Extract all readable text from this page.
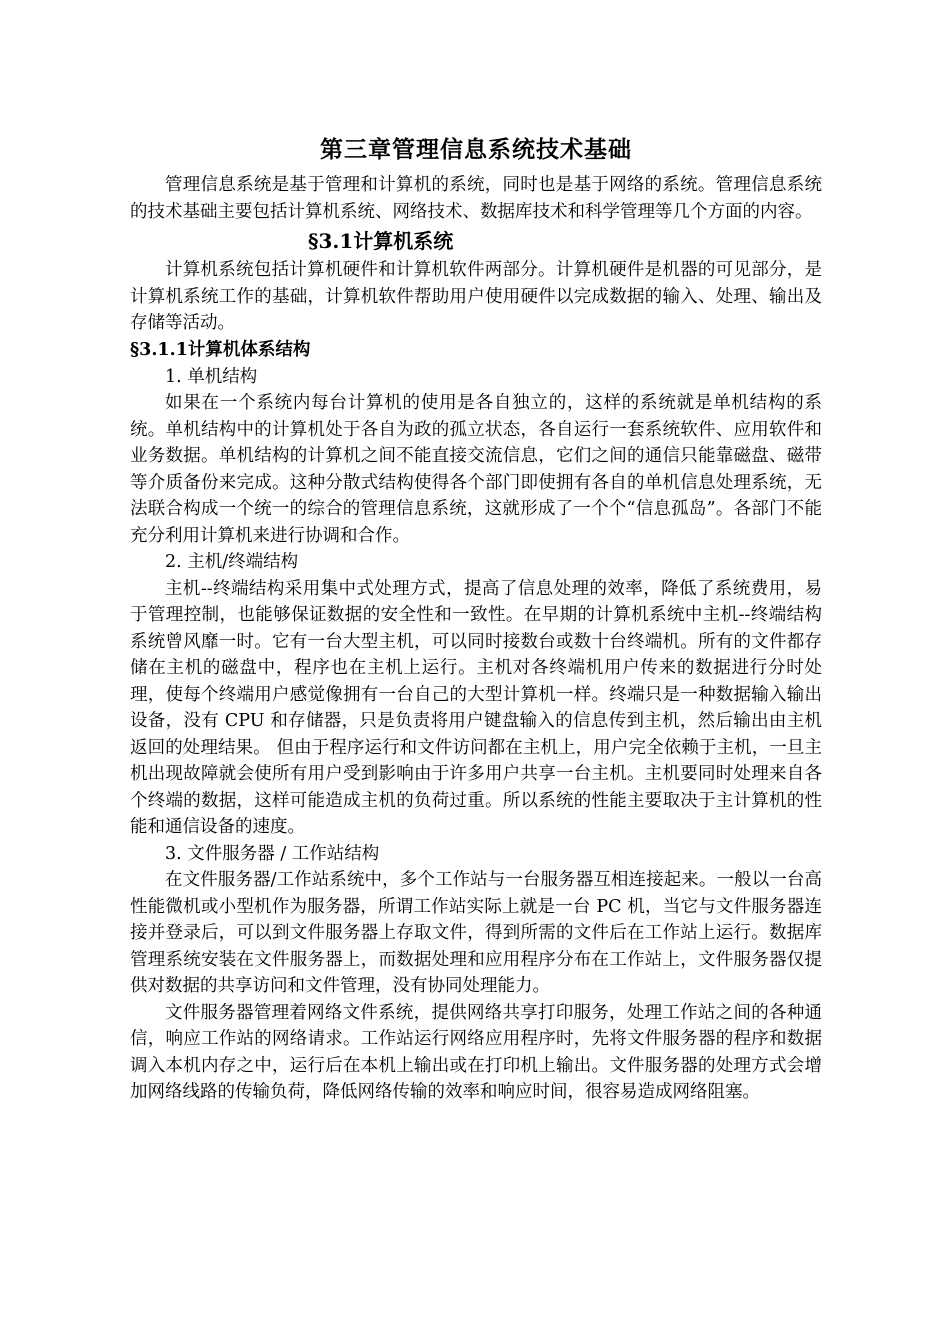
第三章管理信息系统技术基础

管理信息系统是基于管理和计算机的系统，同时也是基于网络的系统。管理信息系统的技术基础主要包括计算机系统、网络技术、数据库技术和科学管理等几个方面的内容。

§3.1计算机系统

计算机系统包括计算机硬件和计算机软件两部分。计算机硬件是机器的可见部分，是计算机系统工作的基础，计算机软件帮助用户使用硬件以完成数据的输入、处理、输出及存储等活动。

§3.1.1计算机体系结构

1. 单机结构

如果在一个系统内每台计算机的使用是各自独立的，这样的系统就是单机结构的系统。单机结构中的计算机处于各自为政的孤立状态，各自运行一套系统软件、应用软件和业务数据。单机结构的计算机之间不能直接交流信息，它们之间的通信只能靠磁盘、磁带等介质备份来完成。这种分散式结构使得各个部门即使拥有各自的单机信息处理系统，无法联合构成一个统一的综合的管理信息系统，这就形成了一个个“信息孤岛”。各部门不能充分利用计算机来进行协调和合作。

2. 主机/终端结构

主机--终端结构采用集中式处理方式，提高了信息处理的效率，降低了系统费用，易于管理控制，也能够保证数据的安全性和一致性。在早期的计算机系统中主机--终端结构系统曾风靡一时。它有一台大型主机，可以同时接数台或数十台终端机。所有的文件都存储在主机的磁盘中，程序也在主机上运行。主机对各终端机用户传来的数据进行分时处理，使每个终端用户感觉像拥有一台自己的大型计算机一样。终端只是一种数据输入输出设备，没有 CPU 和存储器，只是负责将用户键盘输入的信息传到主机，然后输出由主机返回的处理结果。 但由于程序运行和文件访问都在主机上，用户完全依赖于主机，一旦主机出现故障就会使所有用户受到影响由于许多用户共享一台主机。主机要同时处理来自各个终端的数据，这样可能造成主机的负荷过重。所以系统的性能主要取决于主计算机的性能和通信设备的速度。

3. 文件服务器 / 工作站结构

在文件服务器/工作站系统中，多个工作站与一台服务器互相连接起来。一般以一台高性能微机或小型机作为服务器，所谓工作站实际上就是一台 PC 机，当它与文件服务器连接并登录后，可以到文件服务器上存取文件，得到所需的文件后在工作站上运行。数据库管理系统安装在文件服务器上，而数据处理和应用程序分布在工作站上，文件服务器仅提供对数据的共享访问和文件管理，没有协同处理能力。

文件服务器管理着网络文件系统，提供网络共享打印服务，处理工作站之间的各种通信，响应工作站的网络请求。工作站运行网络应用程序时，先将文件服务器的程序和数据调入本机内存之中，运行后在本机上输出或在打印机上输出。文件服务器的处理方式会增加网络线路的传输负荷，降低网络传输的效率和响应时间，很容易造成网络阻塞。
